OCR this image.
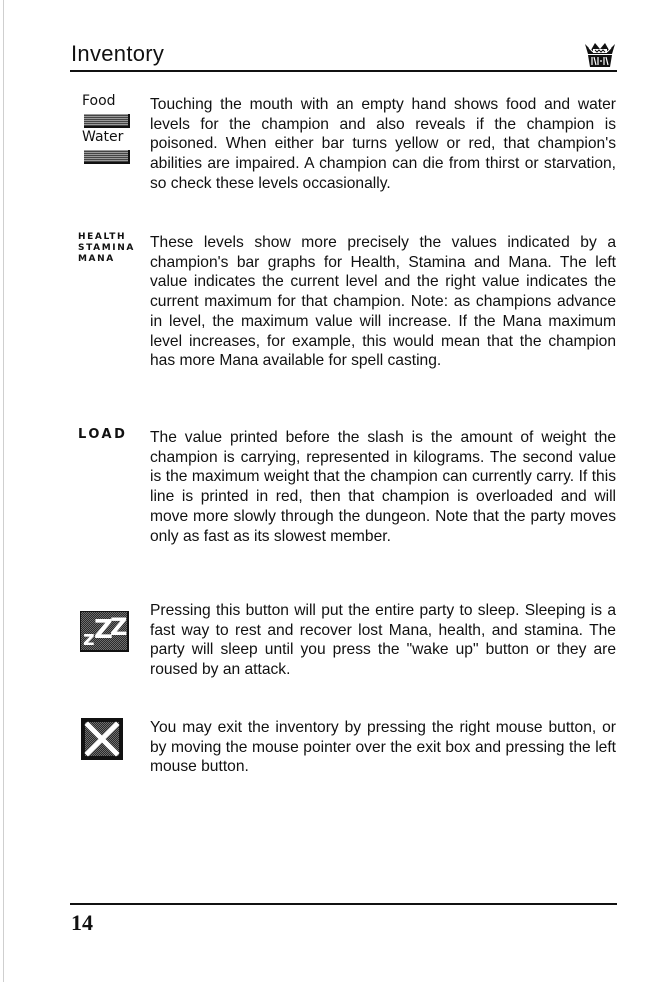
Inventory
Food
Water

Touching the mouth with an empty hand shows food and water levels for the champion and also reveals if the champion is poisoned. When either bar turns yellow or red, that champion's abilities are impaired. A champion can die from thirst or starvation, so check these levels occasionally.

HEALTH
STAMINA
MANA

These levels show more precisely the values indicated by a champion's bar graphs for Health, Stamina and Mana. The left value indicates the current level and the right value indicates the current maximum for that champion. Note: as champions advance in level, the maximum value will increase. If the Mana maximum level increases, for example, this would mean that the champion has more Mana available for spell casting.

LOAD The value printed before the slash is the amount of weight the champion is carrying, represented in kilograms. The second value is the maximum weight that the champion can currently carry. If this line is printed in red, then that champion is overloaded and will move more slowly through the dungeon. Note that the party moves only as fast as its slowest member.

z Z
Z

Pressing this button will put the entire party to sleep. Sleeping is a fast way to rest and recover lost Mana, health, and stamina. The party will sleep until you press the "wake up" button or they are roused by an attack.

You may exit the inventory by pressing the right mouse button, or by moving the mouse pointer over the exit box and pressing the left mouse button.

14
